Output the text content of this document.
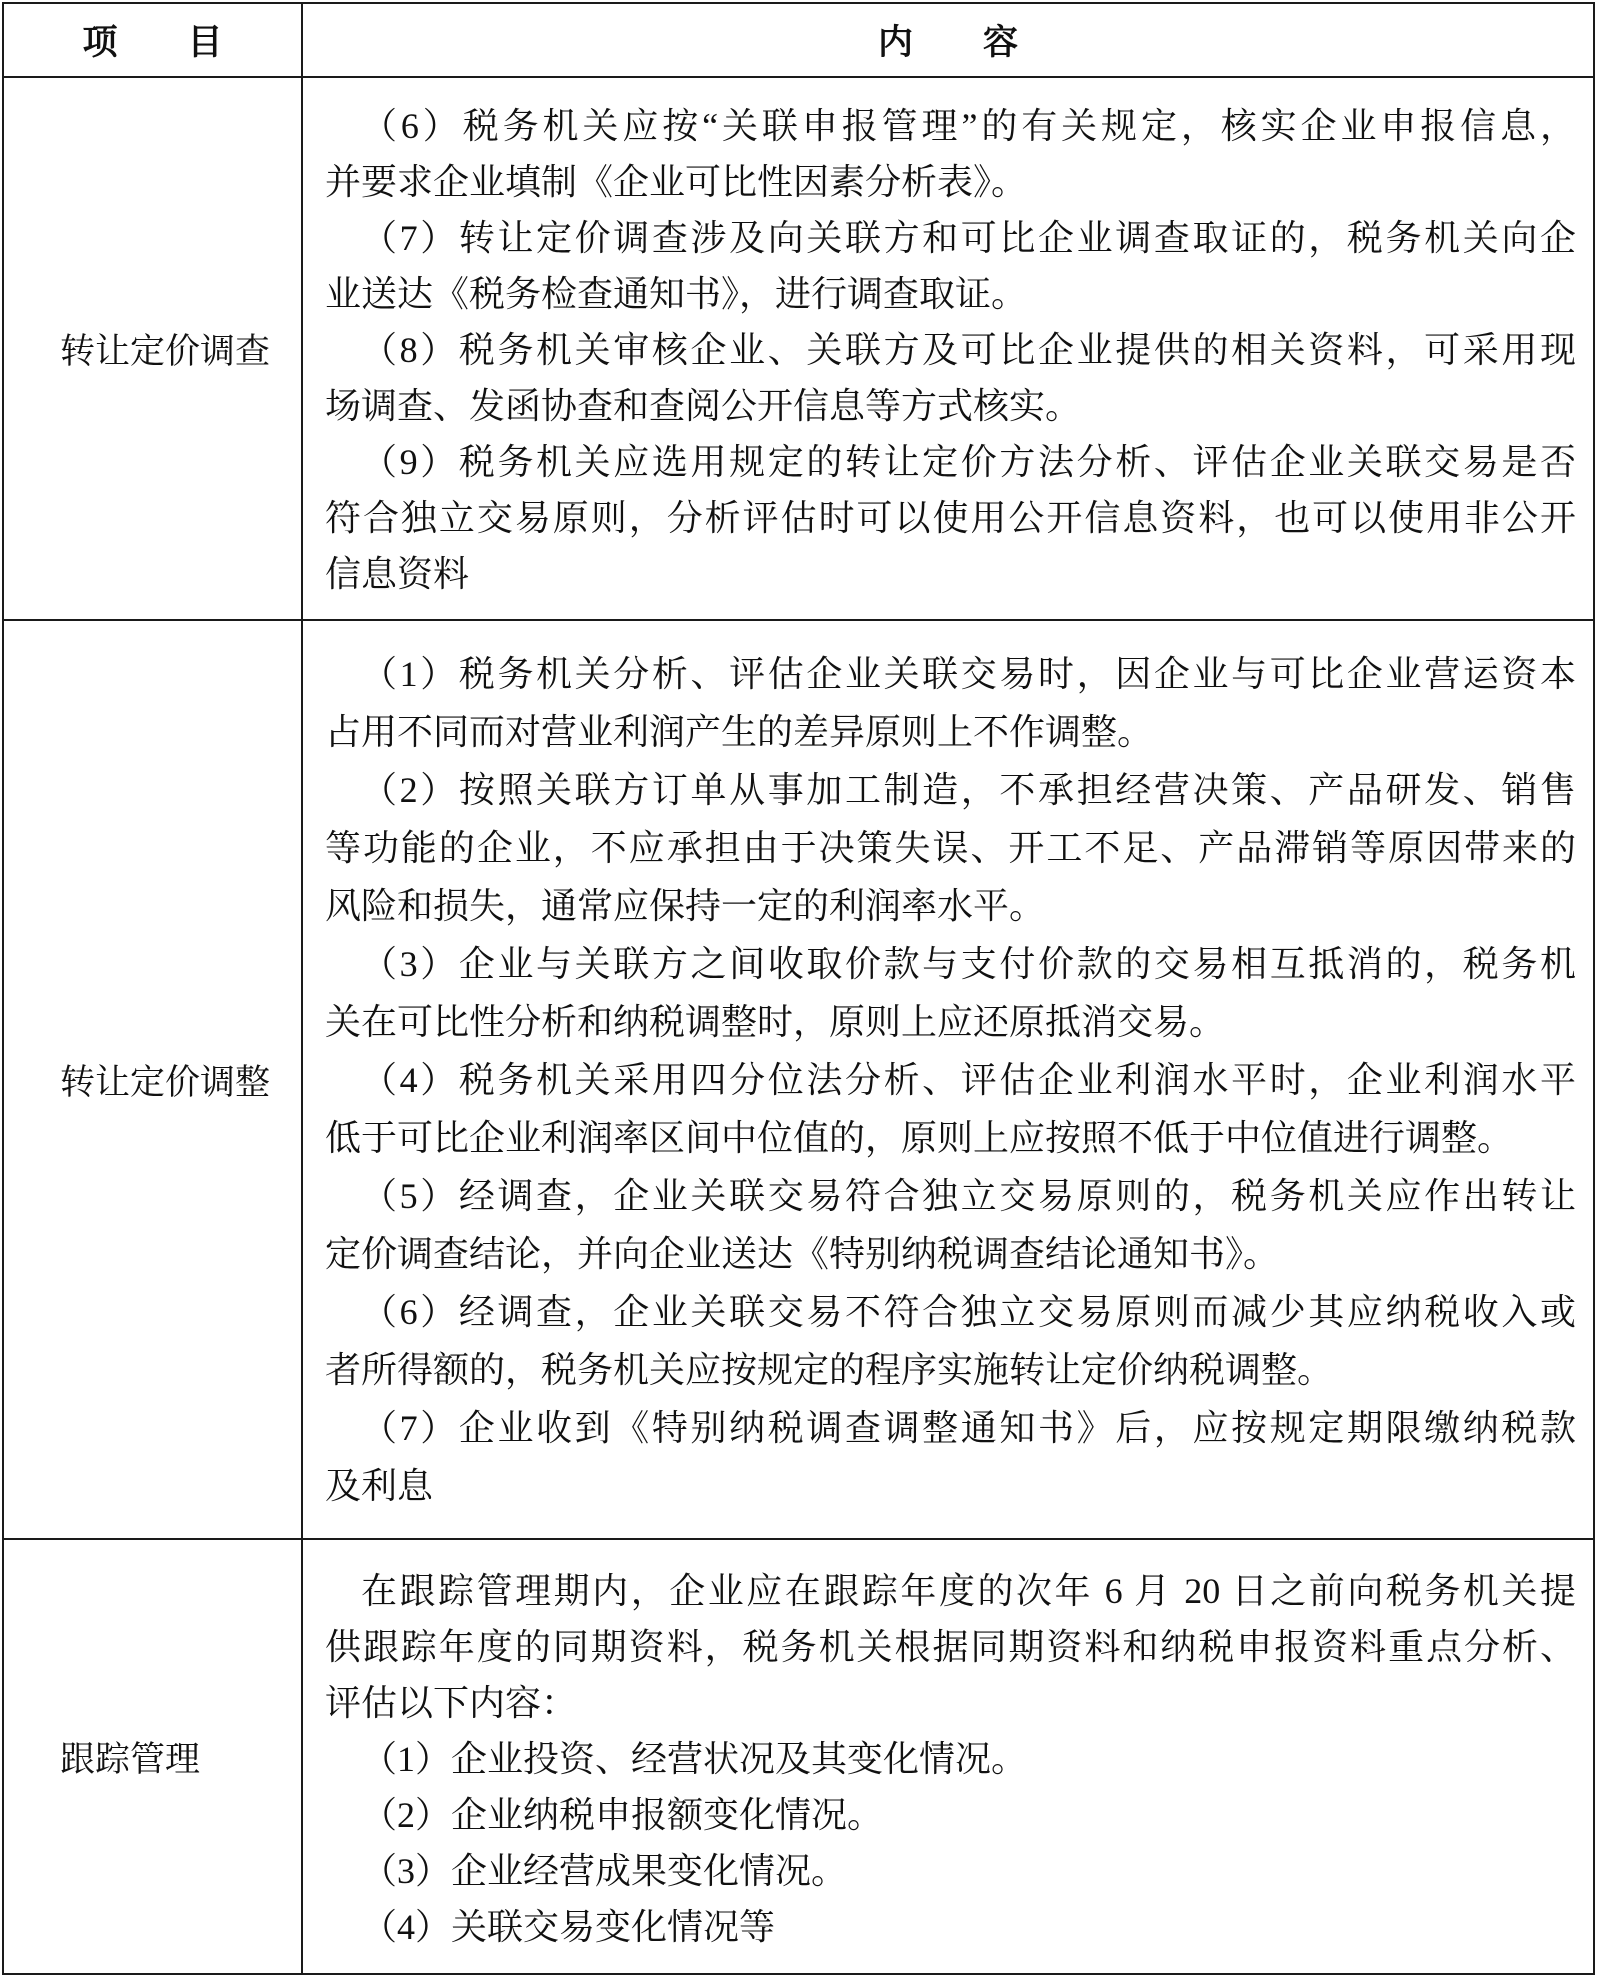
项　　目	内　　容
转让定价调查
（6）税务机关应按“关联申报管理”的有关规定，核实企业申报信息，
并要求企业填制《企业可比性因素分析表》。
（7）转让定价调查涉及向关联方和可比企业调查取证的，税务机关向企
业送达《税务检查通知书》，进行调查取证。
（8）税务机关审核企业、关联方及可比企业提供的相关资料，可采用现
场调查、发函协查和查阅公开信息等方式核实。
（9）税务机关应选用规定的转让定价方法分析、评估企业关联交易是否
符合独立交易原则，分析评估时可以使用公开信息资料，也可以使用非公开
信息资料
转让定价调整
（1）税务机关分析、评估企业关联交易时，因企业与可比企业营运资本
占用不同而对营业利润产生的差异原则上不作调整。
（2）按照关联方订单从事加工制造，不承担经营决策、产品研发、销售
等功能的企业，不应承担由于决策失误、开工不足、产品滞销等原因带来的
风险和损失，通常应保持一定的利润率水平。
（3）企业与关联方之间收取价款与支付价款的交易相互抵消的，税务机
关在可比性分析和纳税调整时，原则上应还原抵消交易。
（4）税务机关采用四分位法分析、评估企业利润水平时，企业利润水平
低于可比企业利润率区间中位值的，原则上应按照不低于中位值进行调整。
（5）经调查，企业关联交易符合独立交易原则的，税务机关应作出转让
定价调查结论，并向企业送达《特别纳税调查结论通知书》。
（6）经调查，企业关联交易不符合独立交易原则而减少其应纳税收入或
者所得额的，税务机关应按规定的程序实施转让定价纳税调整。
（7）企业收到《特别纳税调查调整通知书》后，应按规定期限缴纳税款
及利息
跟踪管理
在跟踪管理期内，企业应在跟踪年度的次年 6 月 20 日之前向税务机关提
供跟踪年度的同期资料，税务机关根据同期资料和纳税申报资料重点分析、
评估以下内容：
（1）企业投资、经营状况及其变化情况。
（2）企业纳税申报额变化情况。
（3）企业经营成果变化情况。
（4）关联交易变化情况等
